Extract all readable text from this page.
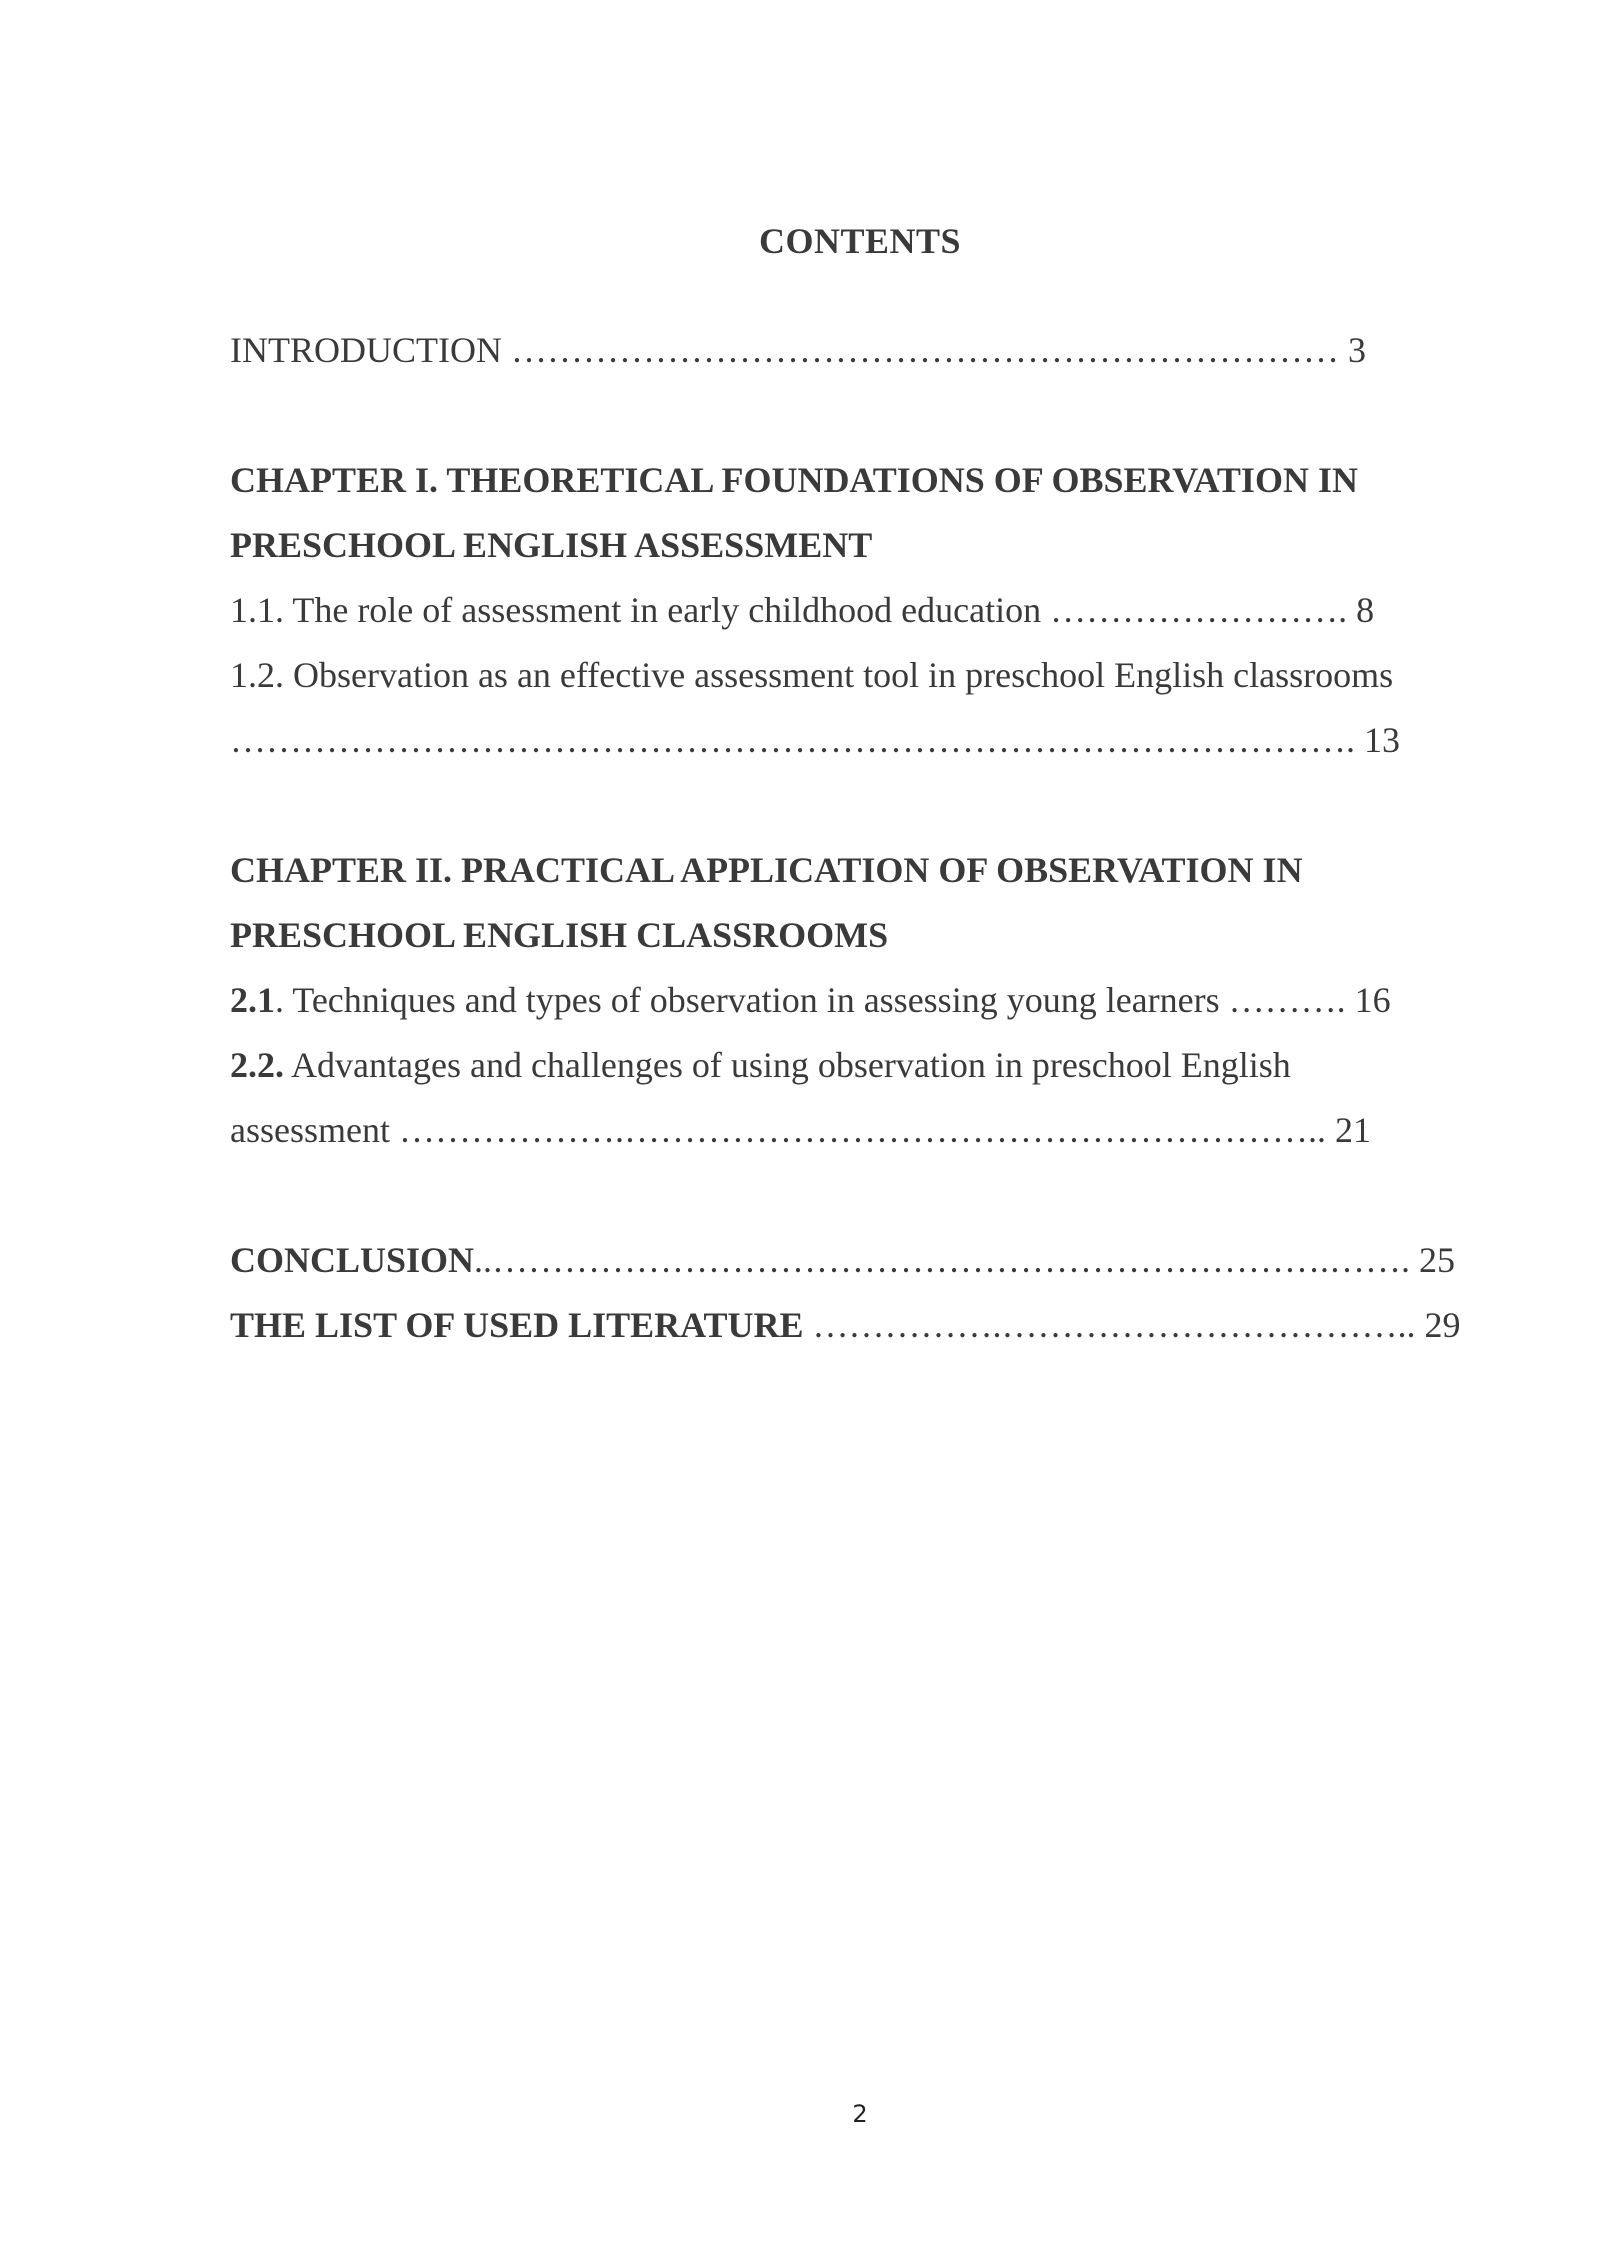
CONTENTS
INTRODUCTION …………………………………………………………… 3
CHAPTER I. THEORETICAL FOUNDATIONS OF OBSERVATION IN
PRESCHOOL ENGLISH ASSESSMENT
1.1. The role of assessment in early childhood education ……………………. 8
1.2. Observation as an effective assessment tool in preschool English classrooms
…………………………………………………………………………………. 13
CHAPTER II. PRACTICAL APPLICATION OF OBSERVATION IN
PRESCHOOL ENGLISH CLASSROOMS
2.1. Techniques and types of observation in assessing young learners ………. 16
2.2. Advantages and challenges of using observation in preschool English
assessment ……………….………………………………………………….. 21
CONCLUSION..…………………………………………………………….……. 25
THE LIST OF USED LITERATURE …………….…………………………….. 29
2
